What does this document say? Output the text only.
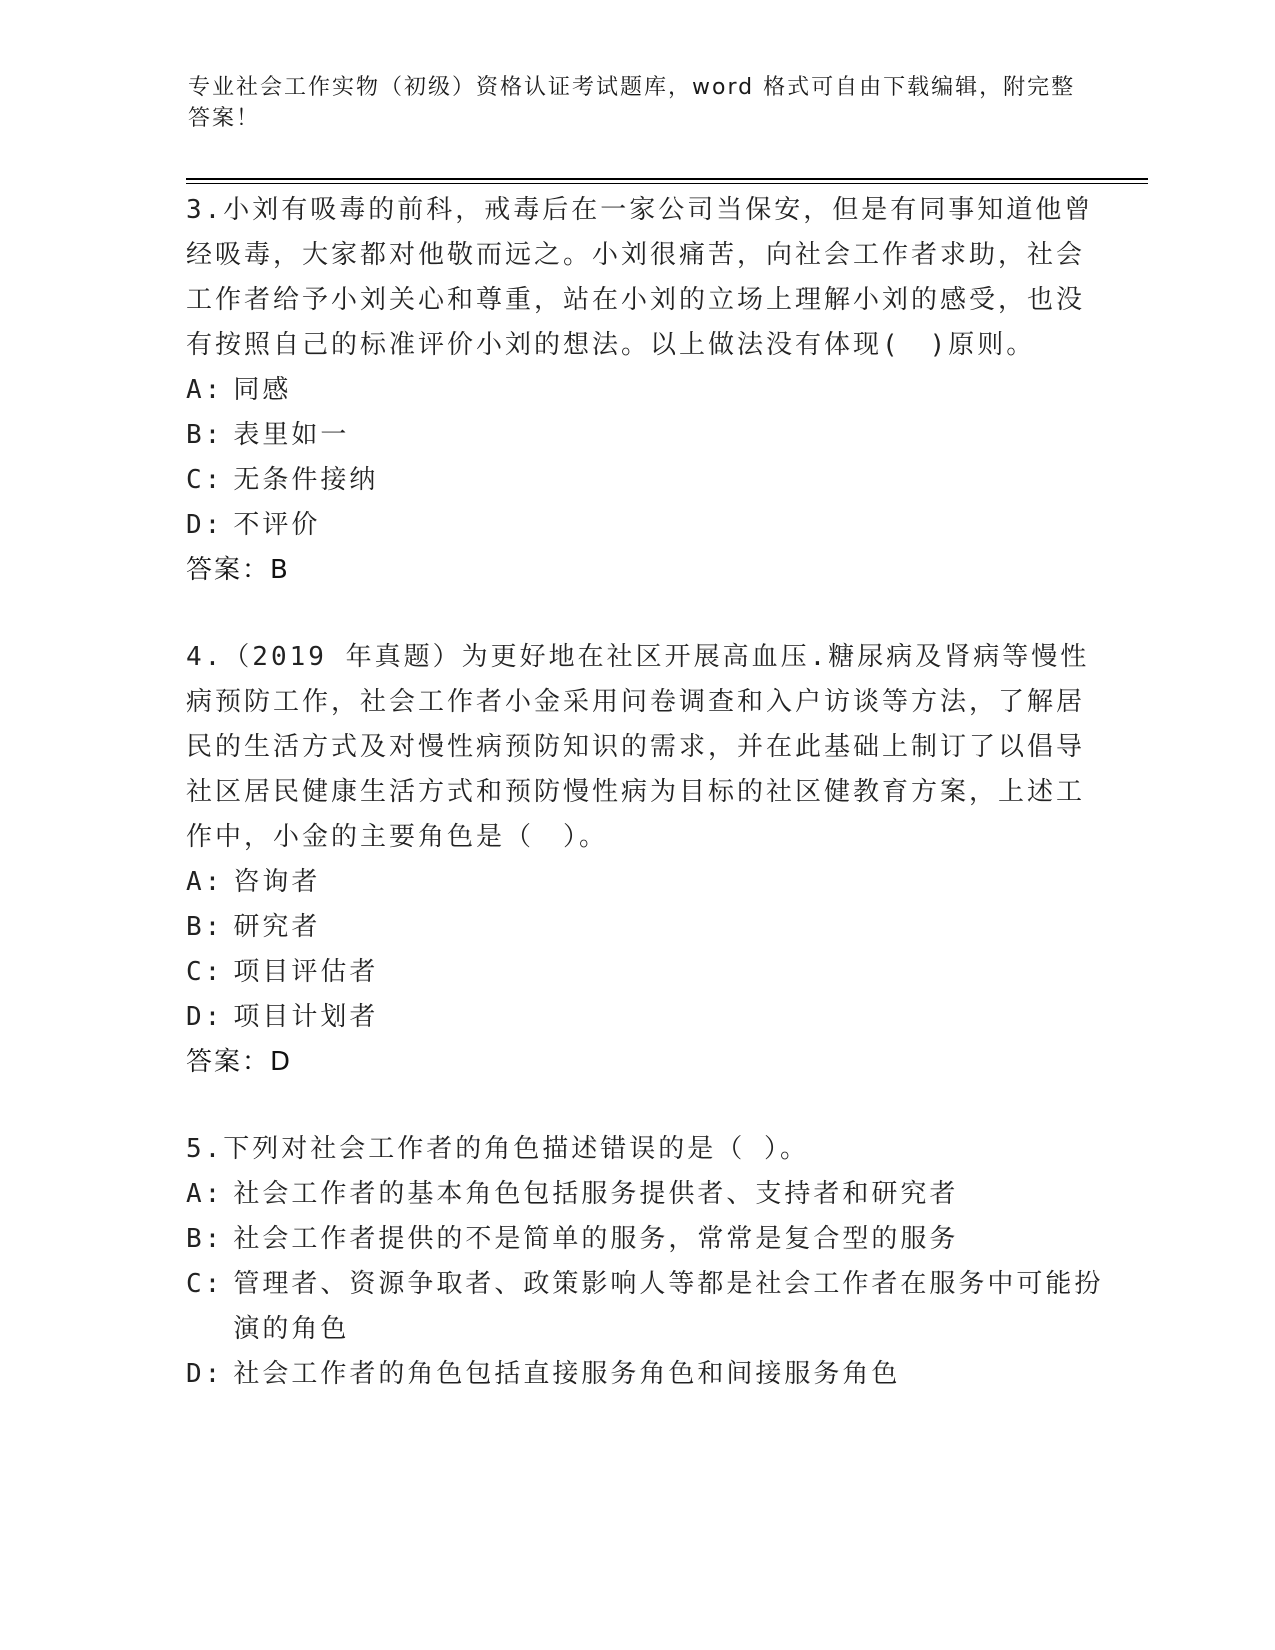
专业社会工作实物（初级）资格认证考试题库，word 格式可自由下载编辑，附完整答案！

3.小刘有吸毒的前科，戒毒后在一家公司当保安，但是有同事知道他曾经吸毒，大家都对他敬而远之。小刘很痛苦，向社会工作者求助，社会工作者给予小刘关心和尊重，站在小刘的立场上理解小刘的感受，也没有按照自己的标准评价小刘的想法。以上做法没有体现(　)原则。

A: 同感
B: 表里如一
C: 无条件接纳
D: 不评价
答案：B

4.（2019 年真题）为更好地在社区开展高血压.糖尿病及肾病等慢性病预防工作，社会工作者小金采用问卷调查和入户访谈等方法，了解居民的生活方式及对慢性病预防知识的需求，并在此基础上制订了以倡导社区居民健康生活方式和预防慢性病为目标的社区健教育方案，上述工作中，小金的主要角色是（　）。

A: 咨询者
B: 研究者
C: 项目评估者
D: 项目计划者
答案：D

5.下列对社会工作者的角色描述错误的是（ ）。

A: 社会工作者的基本角色包括服务提供者、支持者和研究者
B: 社会工作者提供的不是简单的服务，常常是复合型的服务
C: 管理者、资源争取者、政策影响人等都是社会工作者在服务中可能扮演的角色
D: 社会工作者的角色包括直接服务角色和间接服务角色
